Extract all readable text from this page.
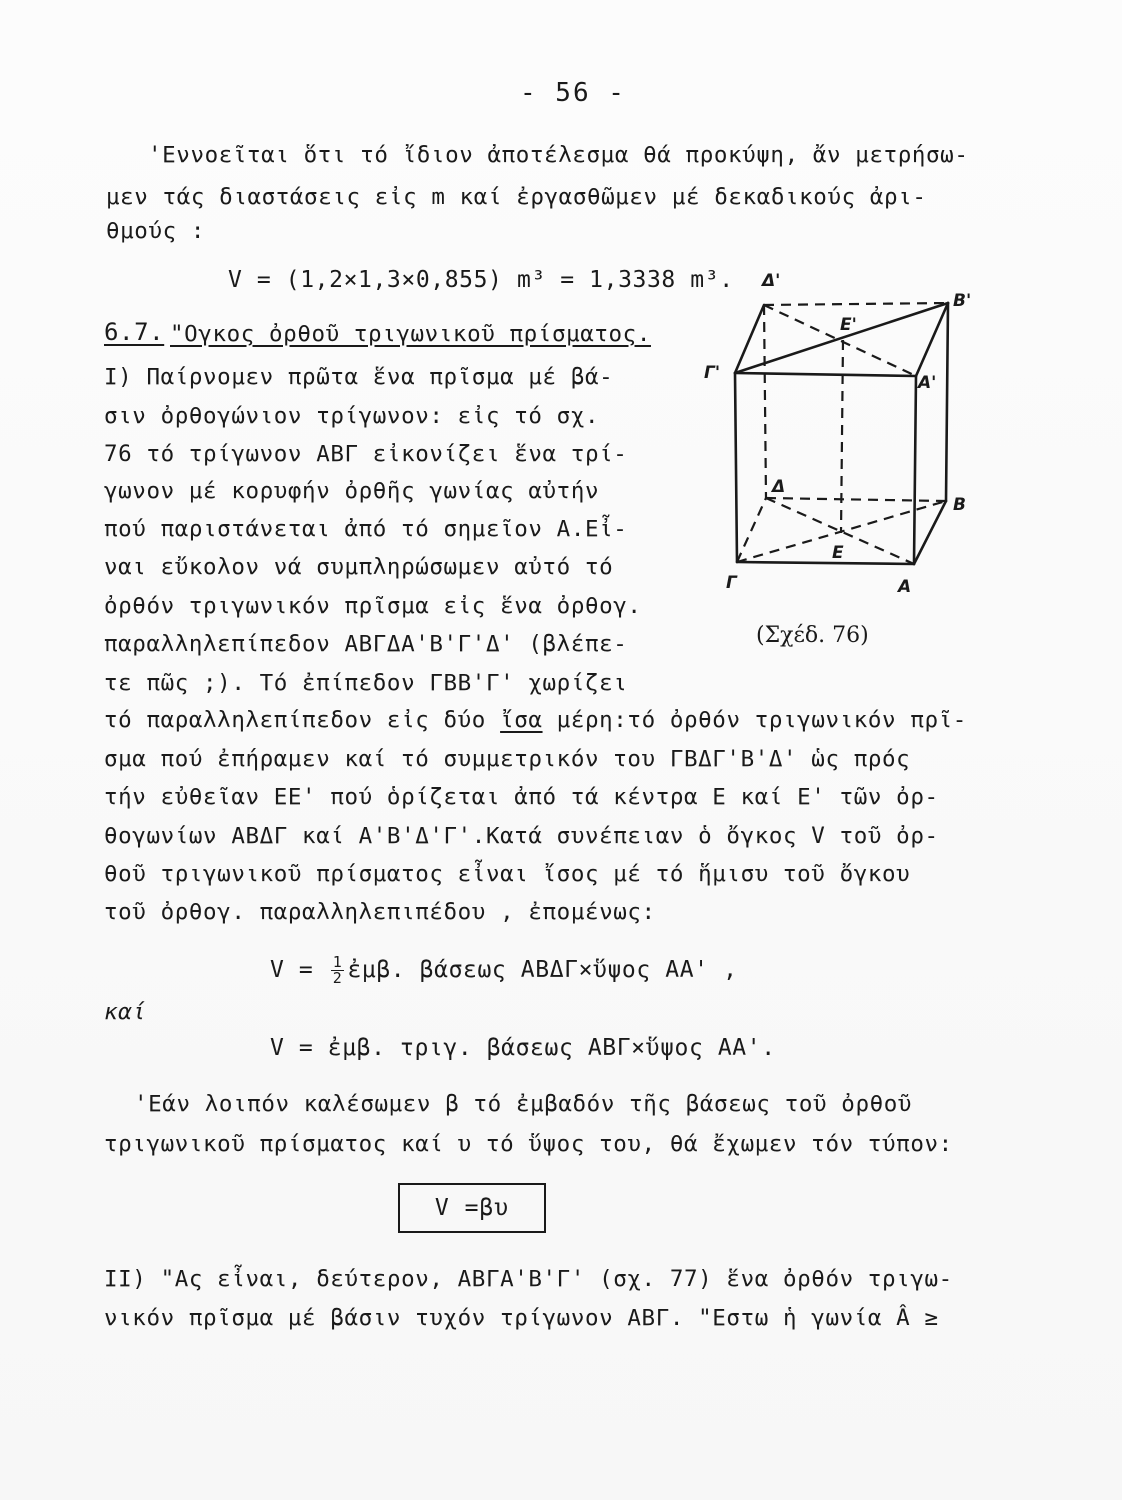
- 56 -
'Εννοεῖται ὅτι τό ἴδιον ἀποτέλεσμα θά προκύψη, ἄν μετρήσω-
μεν τάς διαστάσεις εἰς m καί ἐργασθῶμεν μέ δεκαδικούς ἀρι-
θμούς :
V = (1,2×1,3×0,855) m³ = 1,3338 m³.
6.7. "Ογκος ὀρθοῦ τριγωνικοῦ πρίσματος.
Ι) Παίρνομεν πρῶτα ἕνα πρῖσμα μέ βά-
σιν ὀρθογώνιον τρίγωνον: εἰς τό σχ.
76 τό τρίγωνον ΑΒΓ εἰκονίζει ἕνα τρί-
γωνον μέ κορυφήν ὀρθῆς γωνίας αὐτήν
πού παριστάνεται ἀπό τό σημεῖον Α.Εἶ-
ναι εὔκολον νά συμπληρώσωμεν αὐτό τό
ὀρθόν τριγωνικόν πρῖσμα εἰς ἕνα ὀρθογ.
παραλληλεπίπεδον ΑΒΓΔΑ'Β'Γ'Δ' (βλέπε-
τε πῶς ;). Τό ἐπίπεδον ΓΒΒ'Γ' χωρίζει
τό παραλληλεπίπεδον εἰς δύο ἴσα μέρη:τό ὀρθόν τριγωνικόν πρῖ-
σμα πού ἐπήραμεν καί τό συμμετρικόν του ΓΒΔΓ'Β'Δ' ὡς πρός
τήν εὐθεῖαν ΕΕ' πού ὁρίζεται ἀπό τά κέντρα Ε καί Ε' τῶν ὀρ-
θογωνίων ΑΒΔΓ καί Α'Β'Δ'Γ'.Κατά συνέπειαν ὁ ὄγκος V τοῦ ὀρ-
θοῦ τριγωνικοῦ πρίσματος εἶναι ἴσος μέ τό ἥμισυ τοῦ ὄγκου
τοῦ ὀρθογ. παραλληλεπιπέδου , ἐπομένως:
$V = \frac{1}{2}$ ἐμβ. βάσεως ΑΒΔΓ×ὕψος ΑΑ' ,
καί
V = ἐμβ. τριγ. βάσεως ΑΒΓ×ὕψος ΑΑ'.
'Εάν λοιπόν καλέσωμεν β τό ἐμβαδόν τῆς βάσεως τοῦ ὀρθοῦ
τριγωνικοῦ πρίσματος καί υ τό ὕψος του, θά ἔχωμεν τόν τύπον:
V =βυ
ΙΙ) "Ας εἶναι, δεύτερον, ΑΒΓΑ'Β'Γ' (σχ. 77) ἕνα ὀρθόν τριγω-
νικόν πρῖσμα μέ βάσιν τυχόν τρίγωνον ΑΒΓ. "Εστω ἡ γωνία Â ≥
Δ'
Β'
Ε'
Γ'	Α'
Δ
Β
Ε
Γ	Α
(Σχέδ. 76)
